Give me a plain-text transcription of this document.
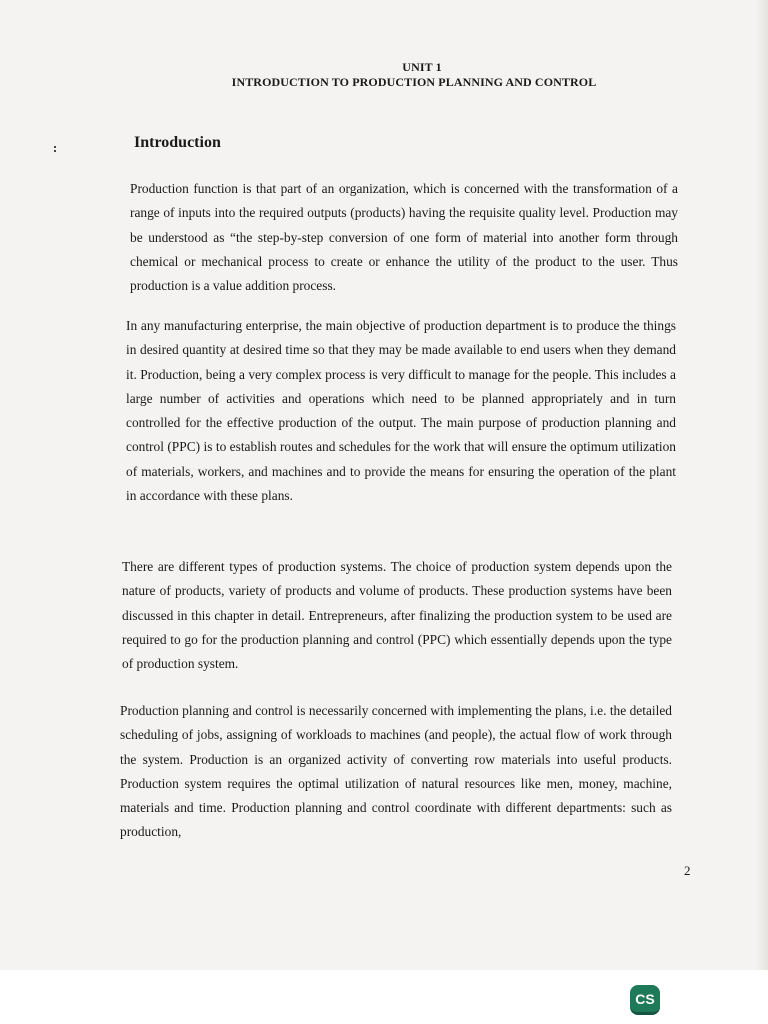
UNIT 1
INTRODUCTION TO PRODUCTION PLANNING AND CONTROL
Introduction

Production function is that part of an organization, which is concerned with the transformation of a range of inputs into the required outputs (products) having the requisite quality level. Production may be understood as “the step-by-step conversion of one form of material into another form through chemical or mechanical process to create or enhance the utility of the product to the user. Thus production is a value addition process.

In any manufacturing enterprise, the main objective of production department is to produce the things in desired quantity at desired time so that they may be made available to end users when they demand it. Production, being a very complex process is very difficult to manage for the people. This includes a large number of activities and operations which need to be planned appropriately and in turn controlled for the effective production of the output. The main purpose of production planning and control (PPC) is to establish routes and schedules for the work that will ensure the optimum utilization of materials, workers, and machines and to provide the means for ensuring the operation of the plant in accordance with these plans.

There are different types of production systems. The choice of production system depends upon the nature of products, variety of products and volume of products. These production systems have been discussed in this chapter in detail. Entrepreneurs, after finalizing the production system to be used are required to go for the production planning and control (PPC) which essentially depends upon the type of production system.

Production planning and control is necessarily concerned with implementing the plans, i.e. the detailed scheduling of jobs, assigning of workloads to machines (and people), the actual flow of work through the system. Production is an organized activity of converting row materials into useful products. Production system requires the optimal utilization of natural resources like men, money, machine, materials and time. Production planning and control coordinate with different departments: such as production,

2
CS
